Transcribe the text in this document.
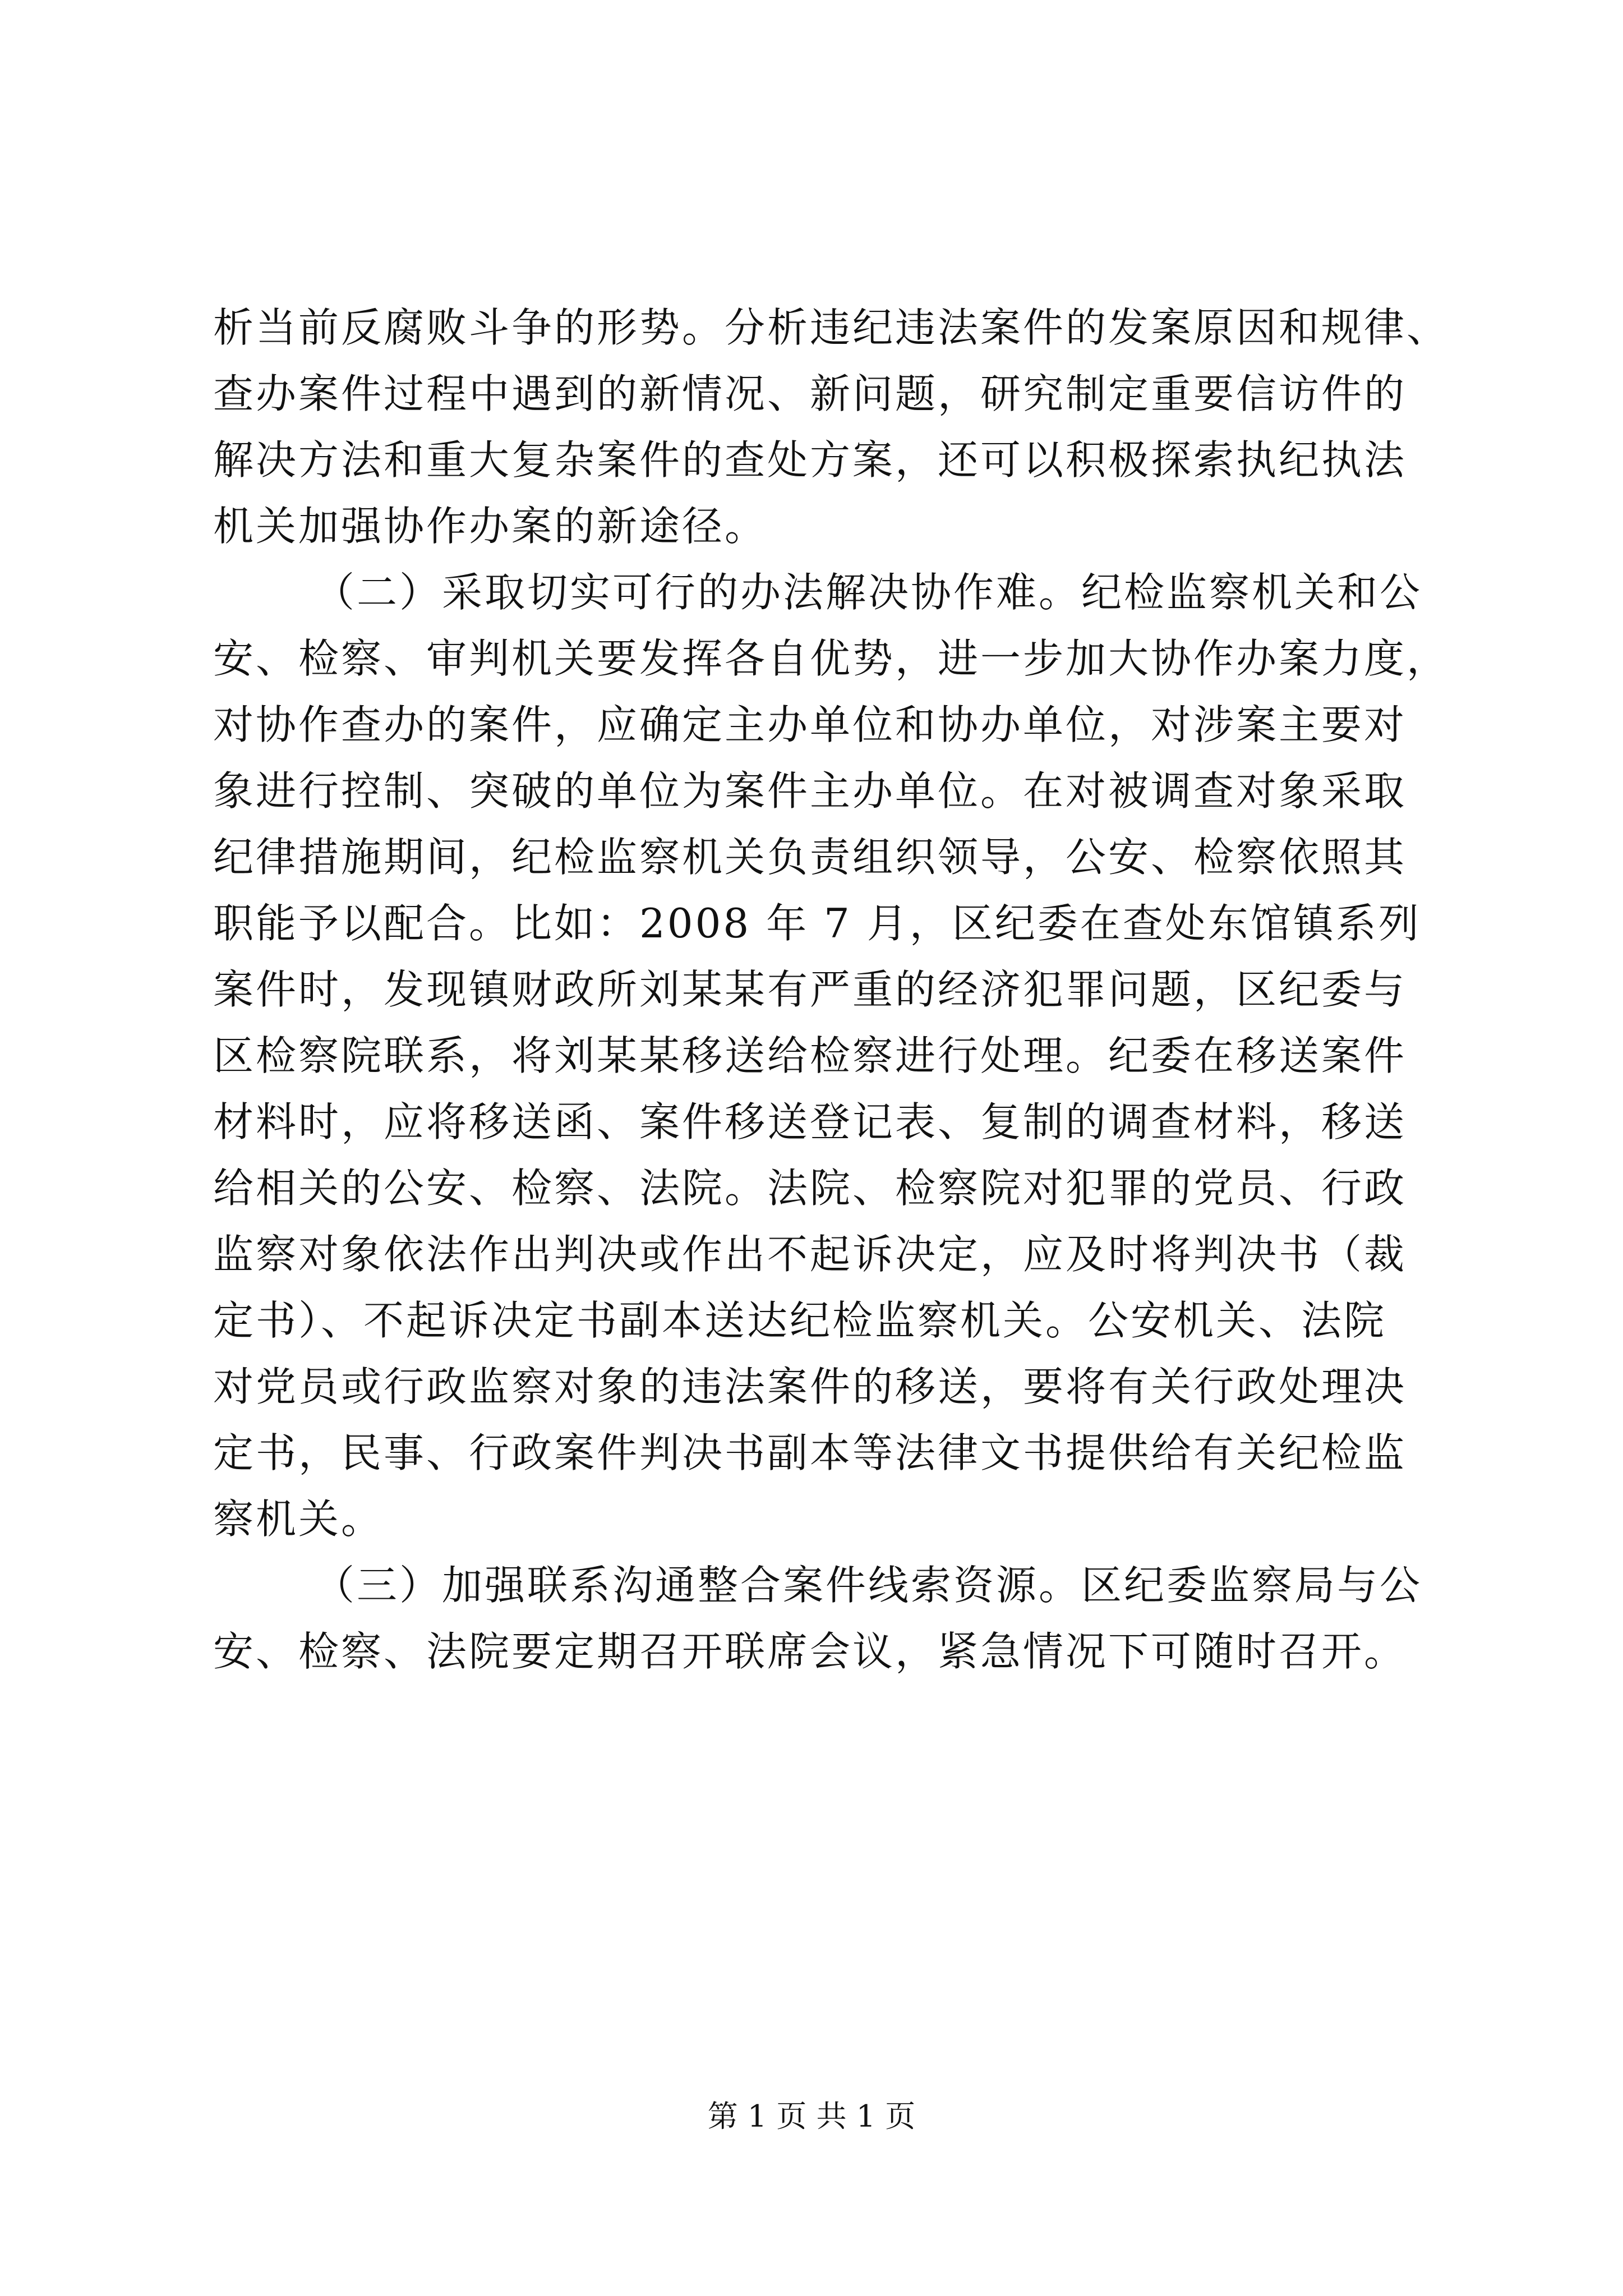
析当前反腐败斗争的形势。分析违纪违法案件的发案原因和规律、
查办案件过程中遇到的新情况、新问题，研究制定重要信访件的
解决方法和重大复杂案件的查处方案，还可以积极探索执纪执法
机关加强协作办案的新途径。
（二）采取切实可行的办法解决协作难。纪检监察机关和公
安、检察、审判机关要发挥各自优势，进一步加大协作办案力度，
对协作查办的案件，应确定主办单位和协办单位，对涉案主要对
象进行控制、突破的单位为案件主办单位。在对被调查对象采取
纪律措施期间，纪检监察机关负责组织领导，公安、检察依照其
职能予以配合。比如：2008 年 7 月，区纪委在查处东馆镇系列
案件时，发现镇财政所刘某某有严重的经济犯罪问题，区纪委与
区检察院联系，将刘某某移送给检察进行处理。纪委在移送案件
材料时，应将移送函、案件移送登记表、复制的调查材料，移送
给相关的公安、检察、法院。法院、检察院对犯罪的党员、行政
监察对象依法作出判决或作出不起诉决定，应及时将判决书（裁
定书）、不起诉决定书副本送达纪检监察机关。公安机关、法院
对党员或行政监察对象的违法案件的移送，要将有关行政处理决
定书，民事、行政案件判决书副本等法律文书提供给有关纪检监
察机关。
（三）加强联系沟通整合案件线索资源。区纪委监察局与公
安、检察、法院要定期召开联席会议，紧急情况下可随时召开。
第 1 页 共 1 页
